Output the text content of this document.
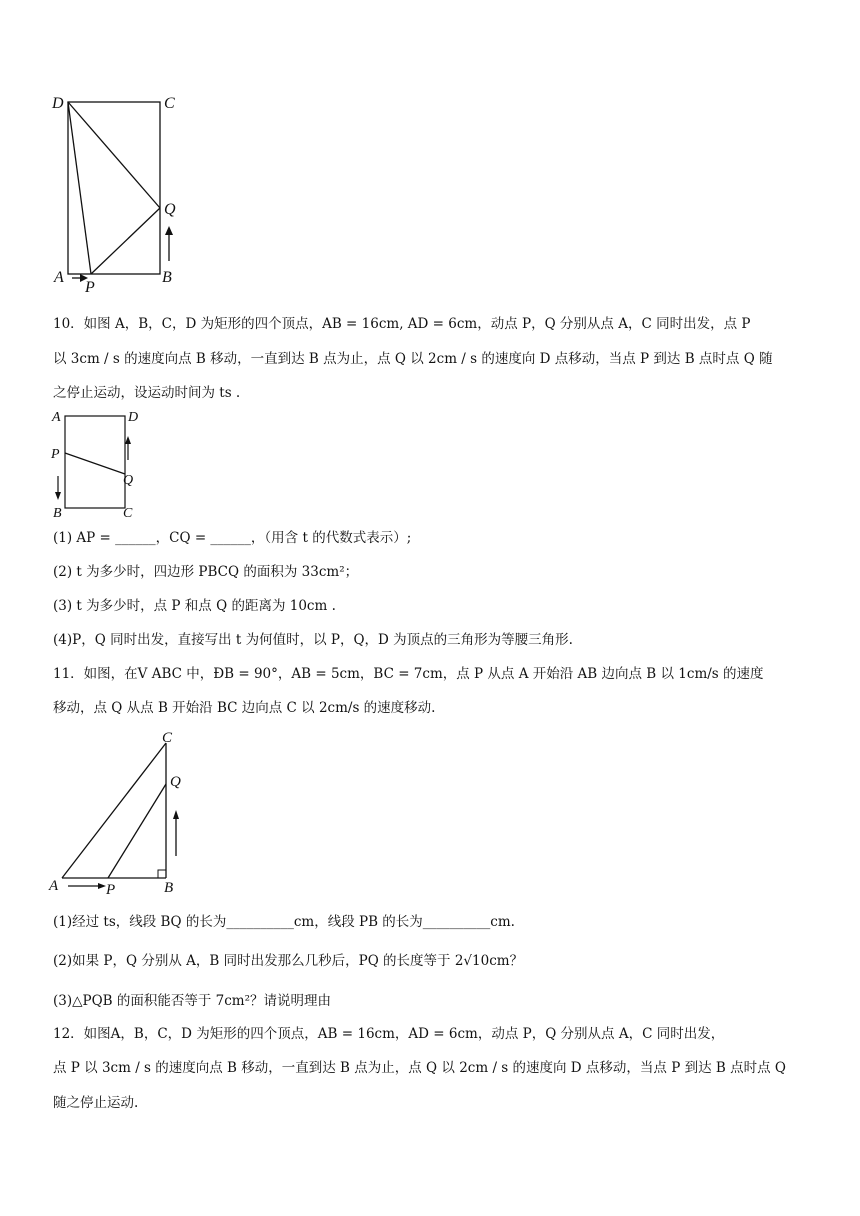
D	C
Q
A
P
B
A	D
P
Q
B	C
C
Q
A	P	B
10．如图 A，B，C，D 为矩形的四个顶点，AB = 16cm, AD = 6cm，动点 P，Q 分别从点 A，C 同时出发，点 P
以 3cm / s 的速度向点 B 移动，一直到达 B 点为止，点 Q 以 2cm / s 的速度向 D 点移动，当点 P 到达 B 点时点 Q 随
之停止运动，设运动时间为 ts .
(1) AP = ______，CQ = ______，（用含 t 的代数式表示）;
(2) t 为多少时，四边形 PBCQ 的面积为 33cm²；
(3) t 为多少时，点 P 和点 Q 的距离为 10cm .
(4)P，Q 同时出发，直接写出 t 为何值时，以 P，Q，D 为顶点的三角形为等腰三角形.
11．如图，在V ABC 中，ÐB = 90°，AB = 5cm，BC = 7cm，点 P 从点 A 开始沿 AB 边向点 B 以 1cm/s 的速度
移动，点 Q 从点 B 开始沿 BC 边向点 C 以 2cm/s 的速度移动.
(1)经过 ts，线段 BQ 的长为__________cm，线段 PB 的长为__________cm.
(2)如果 P，Q 分别从 A，B 同时出发那么几秒后，PQ 的长度等于 2√10cm？
(3)△PQB 的面积能否等于 7cm²？请说明理由
12．如图A，B，C，D 为矩形的四个顶点，AB = 16cm，AD = 6cm，动点 P，Q 分别从点 A，C 同时出发，
点 P 以 3cm / s 的速度向点 B 移动，一直到达 B 点为止，点 Q 以 2cm / s 的速度向 D 点移动，当点 P 到达 B 点时点 Q
随之停止运动.
